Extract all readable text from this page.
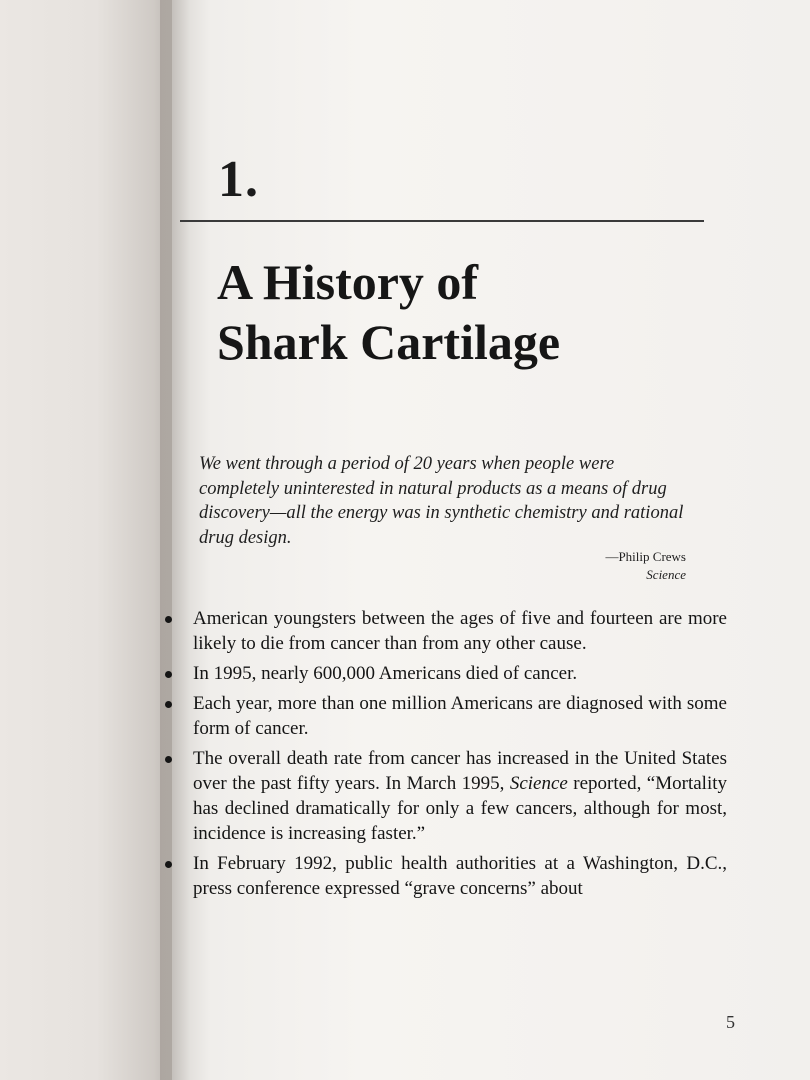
1.
A History of
Shark Cartilage

We went through a period of 20 years when people were completely uninterested in natural products as a means of drug discovery—all the energy was in synthetic chemistry and rational drug design.

—Philip Crews
Science
American youngsters between the ages of five and fourteen are more likely to die from cancer than from any other cause.
In 1995, nearly 600,000 Americans died of cancer.
Each year, more than one million Americans are diagnosed with some form of cancer.
The overall death rate from cancer has increased in the United States over the past fifty years. In March 1995, Science reported, “Mortality has declined dramatically for only a few cancers, although for most, incidence is increasing faster.”
In February 1992, public health authorities at a Washington, D.C., press conference expressed “grave concerns” about
5
